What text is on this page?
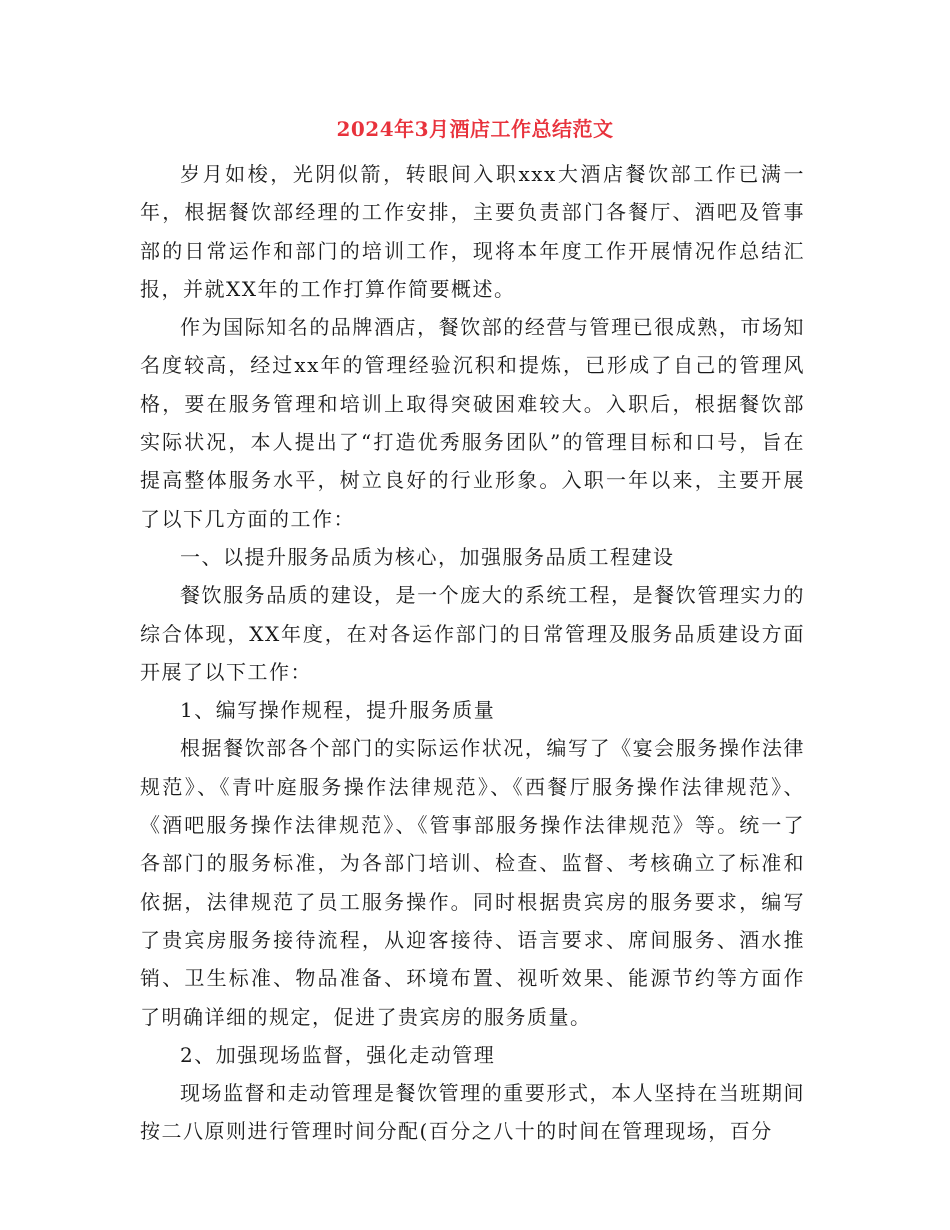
2024年3月酒店工作总结范文

岁月如梭，光阴似箭，转眼间入职xxx大酒店餐饮部工作已满一年，根据餐饮部经理的工作安排，主要负责部门各餐厅、酒吧及管事部的日常运作和部门的培训工作，现将本年度工作开展情况作总结汇报，并就XX年的工作打算作简要概述。

作为国际知名的品牌酒店，餐饮部的经营与管理已很成熟，市场知名度较高，经过xx年的管理经验沉积和提炼，已形成了自己的管理风格，要在服务管理和培训上取得突破困难较大。入职后，根据餐饮部实际状况，本人提出了“打造优秀服务团队”的管理目标和口号，旨在提高整体服务水平，树立良好的行业形象。入职一年以来，主要开展了以下几方面的工作：

一、以提升服务品质为核心，加强服务品质工程建设

餐饮服务品质的建设，是一个庞大的系统工程，是餐饮管理实力的综合体现，XX年度，在对各运作部门的日常管理及服务品质建设方面开展了以下工作：

1、编写操作规程，提升服务质量

根据餐饮部各个部门的实际运作状况，编写了《宴会服务操作法律规范》、《青叶庭服务操作法律规范》、《西餐厅服务操作法律规范》、《酒吧服务操作法律规范》、《管事部服务操作法律规范》等。统一了各部门的服务标准，为各部门培训、检查、监督、考核确立了标准和依据，法律规范了员工服务操作。同时根据贵宾房的服务要求，编写了贵宾房服务接待流程，从迎客接待、语言要求、席间服务、酒水推销、卫生标准、物品准备、环境布置、视听效果、能源节约等方面作了明确详细的规定，促进了贵宾房的服务质量。

2、加强现场监督，强化走动管理

现场监督和走动管理是餐饮管理的重要形式，本人坚持在当班期间按二八原则进行管理时间分配(百分之八十的时间在管理现场，百分
